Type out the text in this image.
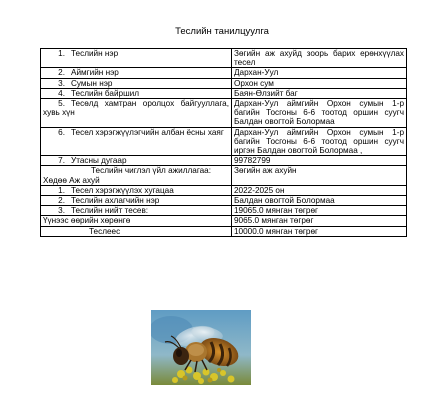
Теслийн танилцуулга
1. Теслийн нэр	Зөгийн аж ахуйд зоорь барих ерөнхүүлах тесел
2. Аймгийн нэр	Дархан-Уул
3. Сумын нэр	Орхон сум
4. Теслийн байршил	Баян-Өлзийт баг
5. Тесөлд хамтран оролцох байгууллага, хувь хүн	Дархан-Уул аймгийн Орхон сумын 1-р багийн Тосгоны 6-6 тоотод оршин суугч Балдан овогтой Болормаа
6. Тесел хэрэгжүүлэгчийн албан ёсны хаяг	Дархан-Уул аймгийн Орхон сумын 1-р багийн Тосгоны 6-6 тоотод оршин суугч иргэн Балдан овогтой Болормаа ,
7. Утасны дугаар	99782799
Теслийн чиглэл үйл ажиллагаа: Хөдөө Аж ахуй	Зөгийн аж ахуйн
1. Тесел хэрэгжүүлэх хугацаа	2022-2025 он
2. Теслийн ахлагчийн нэр	Балдан овогтой Болормаа
3. Теслийн нийт тесев:	19065.0 мянган төгрөг
Үүнээс өөрийн хөрөнгө	9065.0 мянган төгрөг
Теслеес	10000.0 мянган төгрөг
